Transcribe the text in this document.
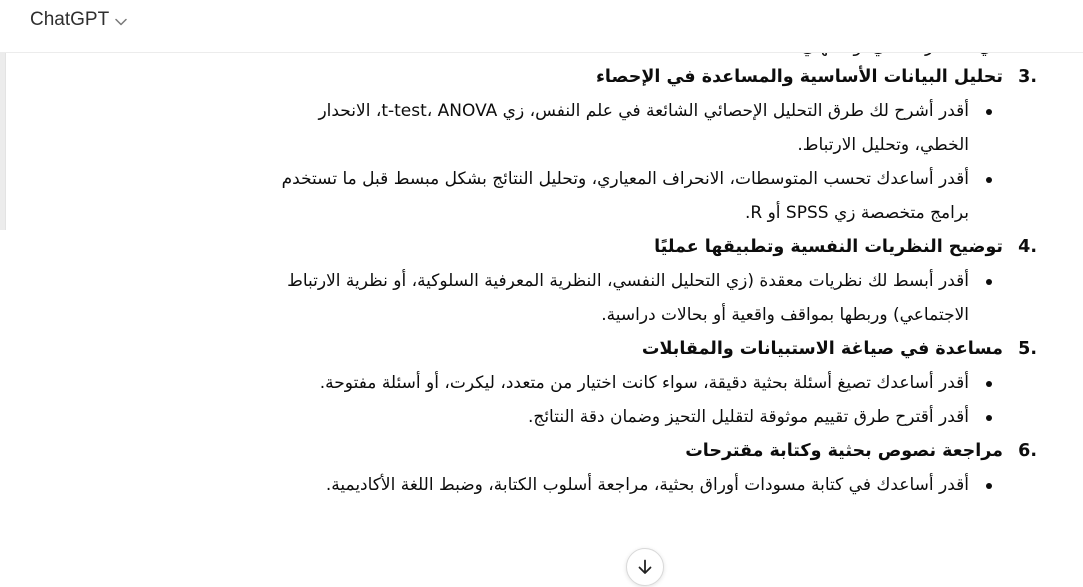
ChatGPT
3.
تحليل البيانات الأساسية والمساعدة في الإحصاء
أقدر أشرح لك طرق التحليل الإحصائي الشائعة في علم النفس، زي t-test، ANOVA، الانحدار الخطي، وتحليل الارتباط.
أقدر أساعدك تحسب المتوسطات، الانحراف المعياري، وتحليل النتائج بشكل مبسط قبل ما تستخدم برامج متخصصة زي SPSS أو R.
4.
توضيح النظريات النفسية وتطبيقها عمليًا
أقدر أبسط لك نظريات معقدة (زي التحليل النفسي، النظرية المعرفية السلوكية، أو نظرية الارتباط الاجتماعي) وربطها بمواقف واقعية أو بحالات دراسية.
5.
مساعدة في صياغة الاستبيانات والمقابلات
أقدر أساعدك تصيغ أسئلة بحثية دقيقة، سواء كانت اختيار من متعدد، ليكرت، أو أسئلة مفتوحة.
أقدر أقترح طرق تقييم موثوقة لتقليل التحيز وضمان دقة النتائج.
6.
مراجعة نصوص بحثية وكتابة مقترحات
أقدر أساعدك في كتابة مسودات أوراق بحثية، مراجعة أسلوب الكتابة، وضبط اللغة الأكاديمية.
